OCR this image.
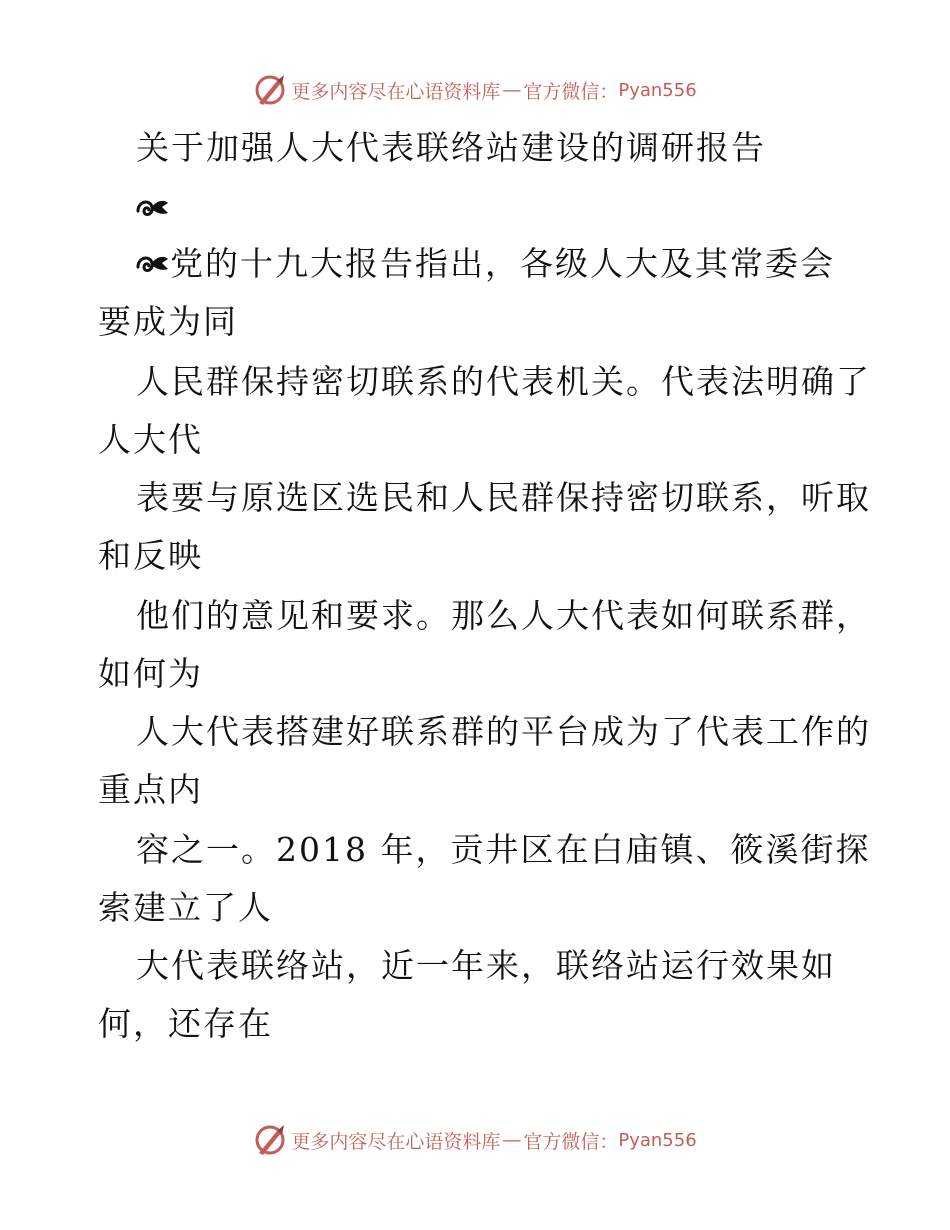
更多内容尽在心语资料库 — 官方微信： Pyan556
关于加强人大代表联络站建设的调研报告
党的十九大报告指出，各级人大及其常委会
要成为同
人民群保持密切联系的代表机关。代表法明确了
人大代
表要与原选区选民和人民群保持密切联系，听取
和反映
他们的意见和要求。那么人大代表如何联系群，
如何为
人大代表搭建好联系群的平台成为了代表工作的
重点内
容之一。2018 年，贡井区在白庙镇、筱溪街探
索建立了人
大代表联络站，近一年来，联络站运行效果如
何，还存在
更多内容尽在心语资料库 — 官方微信： Pyan556
